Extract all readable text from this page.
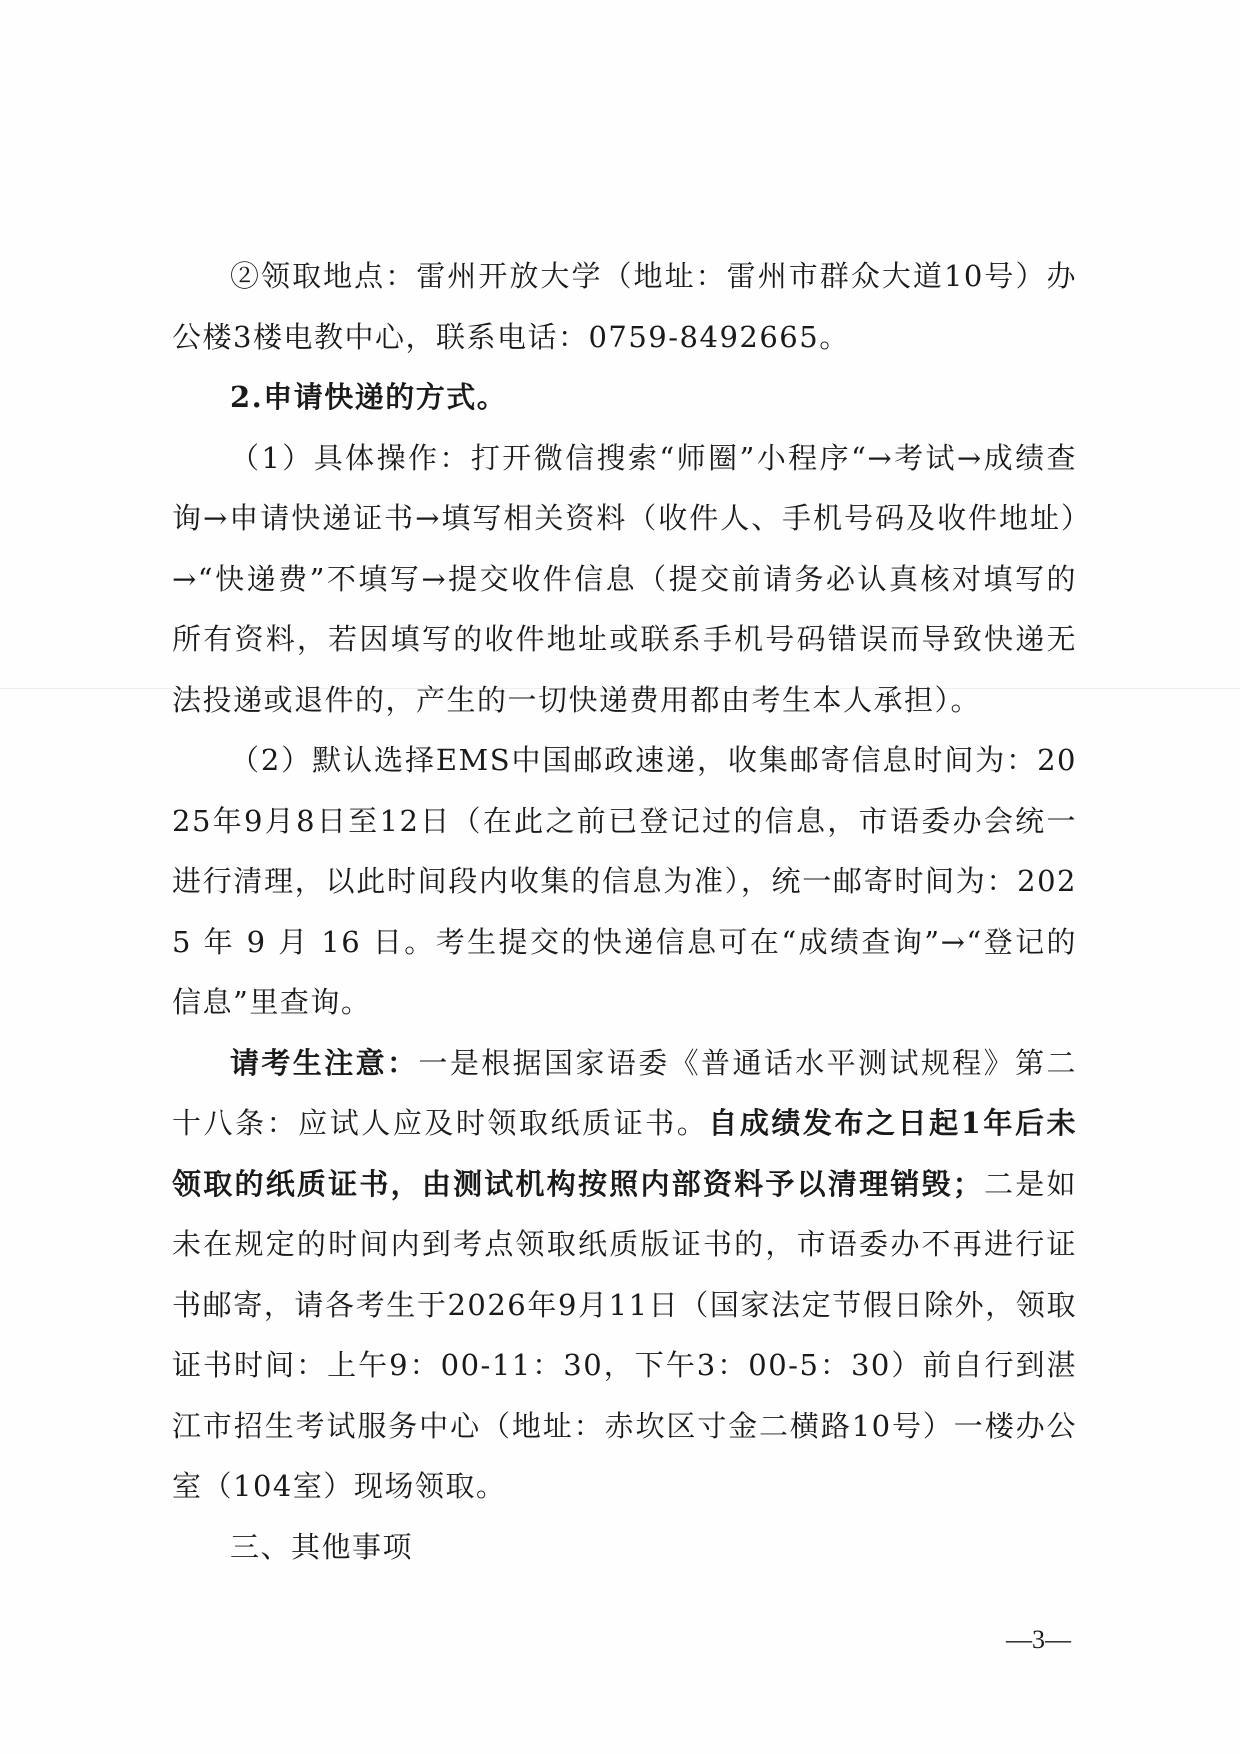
②领取地点：雷州开放大学（地址：雷州市群众大道10号）办公楼3楼电教中心，联系电话：0759-8492665。

2.申请快递的方式。

（1）具体操作：打开微信搜索“师圈”小程序“→考试→成绩查询→申请快递证书→填写相关资料（收件人、手机号码及收件地址）→“快递费”不填写→提交收件信息（提交前请务必认真核对填写的所有资料，若因填写的收件地址或联系手机号码错误而导致快递无法投递或退件的，产生的一切快递费用都由考生本人承担）。

（2）默认选择EMS中国邮政速递，收集邮寄信息时间为：2025年9月8日至12日（在此之前已登记过的信息，市语委办会统一进行清理，以此时间段内收集的信息为准），统一邮寄时间为：2025 年 9 月 16 日。考生提交的快递信息可在“成绩查询”→“登记的信息”里查询。

请考生注意：一是根据国家语委《普通话水平测试规程》第二十八条：应试人应及时领取纸质证书。自成绩发布之日起1年后未领取的纸质证书，由测试机构按照内部资料予以清理销毁；二是如未在规定的时间内到考点领取纸质版证书的，市语委办不再进行证书邮寄，请各考生于2026年9月11日（国家法定节假日除外，领取证书时间：上午9：00-11：30，下午3：00-5：30）前自行到湛江市招生考试服务中心（地址：赤坎区寸金二横路10号）一楼办公室（104室）现场领取。

三、其他事项

—3—
